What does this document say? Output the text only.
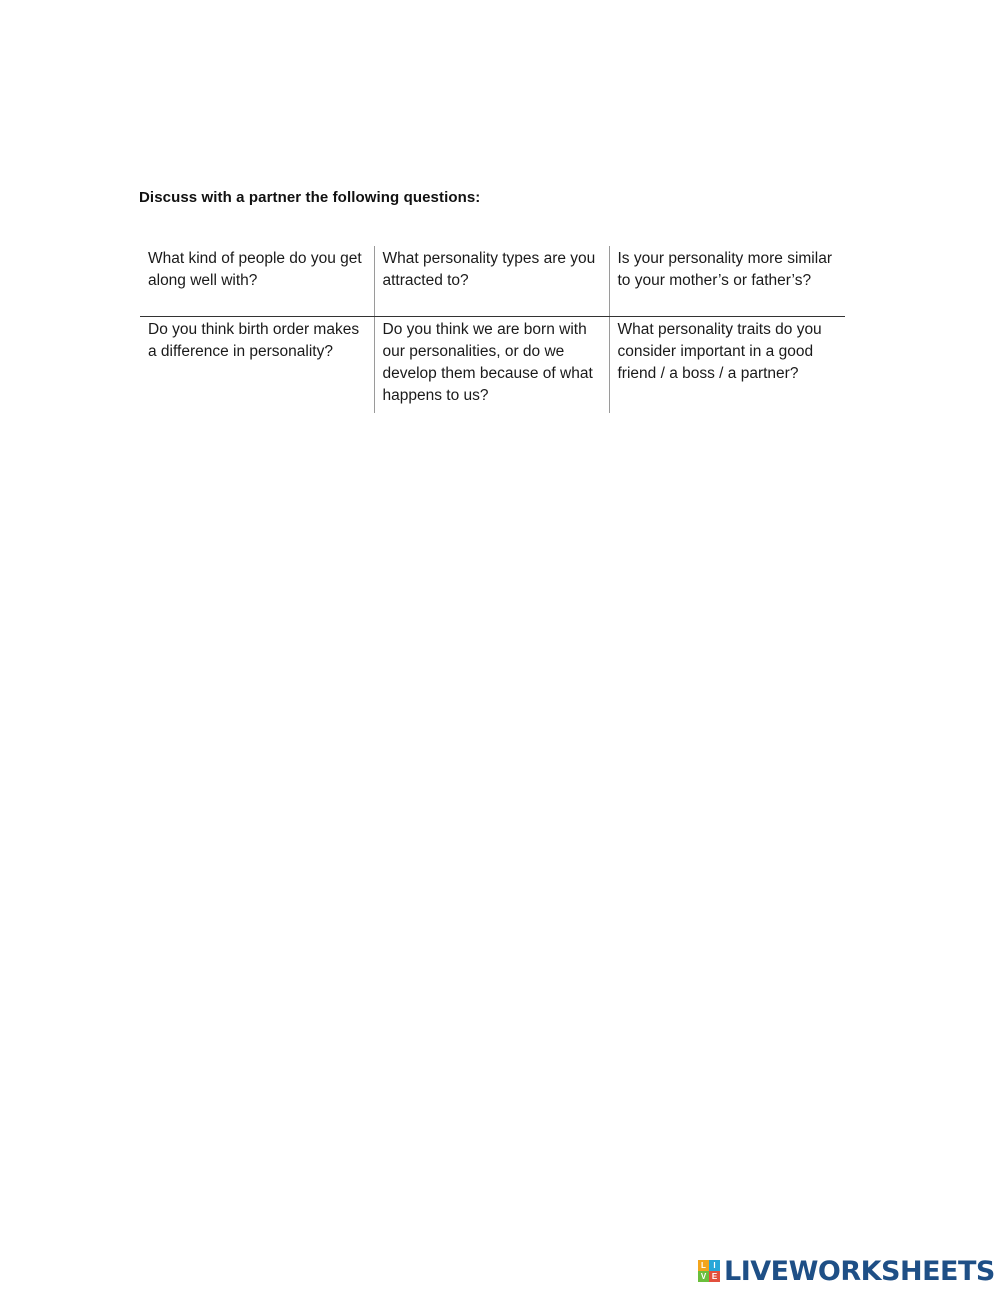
Discuss with a partner the following questions:
What kind of people do you get along well with?	What personality types are you attracted to?	Is your personality more similar to your mother’s or father’s?
Do you think birth order makes a difference in personality?	Do you think we are born with our personalities, or do we develop them because of what happens to us?	What personality traits do you consider important in a good friend / a boss / a partner?
L I
V E LIVEWORKSHEETS
